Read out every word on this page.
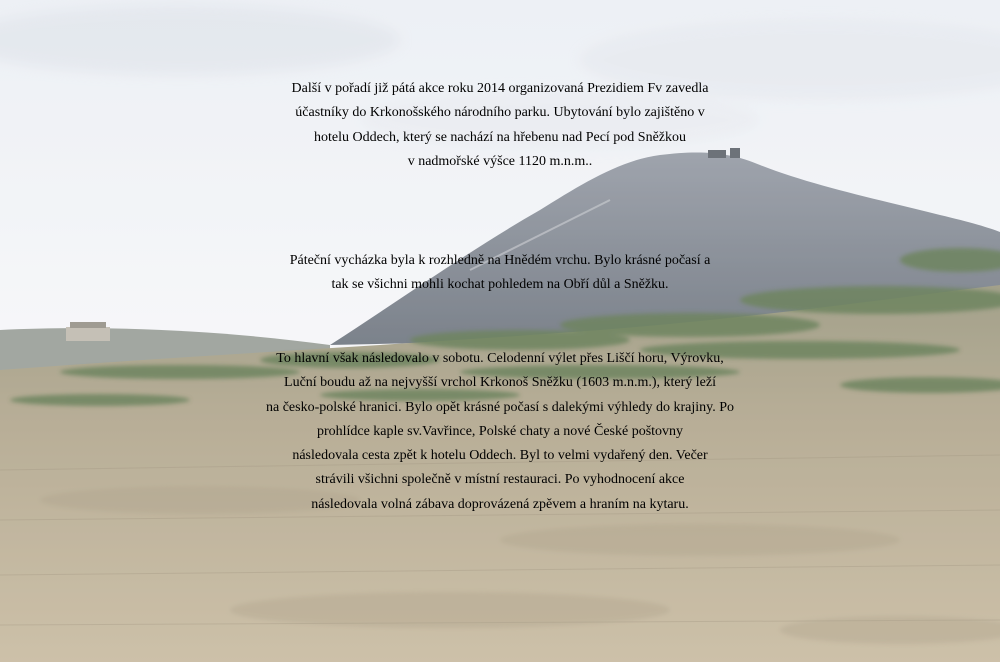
Další v pořadí již pátá akce roku 2014 organizovaná Prezidiem Fv zavedla
účastníky do Krkonošského národního parku. Ubytování bylo zajištěno v
hotelu Oddech, který se nachází na hřebenu nad Pecí pod Sněžkou
v nadmořské výšce 1120 m.n.m..
Páteční vycházka byla k rozhledně na Hnědém vrchu. Bylo krásné počasí a
tak se všichni mohli kochat pohledem na Obří důl a Sněžku.
To hlavní však následovalo v sobotu. Celodenní výlet přes Liščí horu, Výrovku,
Luční boudu až na nejvyšší vrchol Krkonoš Sněžku (1603 m.n.m.), který leží
na česko-polské hranici. Bylo opět krásné počasí s dalekými výhledy do krajiny. Po
prohlídce kaple sv.Vavřince, Polské chaty a nové České poštovny
následovala cesta zpět k hotelu Oddech. Byl to velmi vydařený den. Večer
strávili všichni společně v místní restauraci. Po vyhodnocení akce
následovala volná zábava doprovázená zpěvem a hraním na kytaru.
